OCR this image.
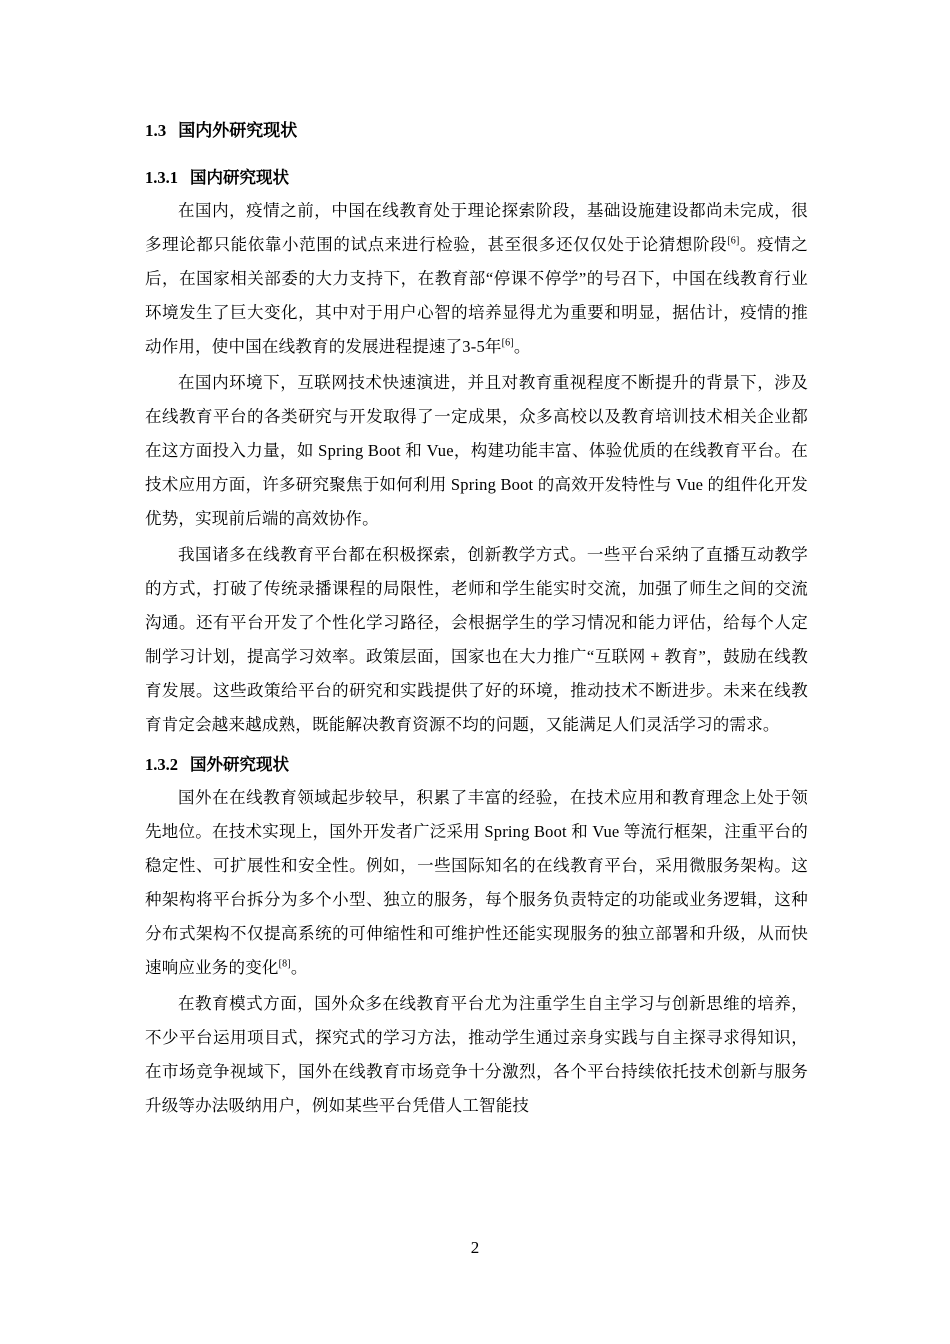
1.3 国内外研究现状
1.3.1 国内研究现状

在国内，疫情之前，中国在线教育处于理论探索阶段，基础设施建设都尚未完成，很多理论都只能依靠小范围的试点来进行检验，甚至很多还仅仅处于论猜想阶段[6]。疫情之后，在国家相关部委的大力支持下，在教育部“停课不停学”的号召下，中国在线教育行业环境发生了巨大变化，其中对于用户心智的培养显得尤为重要和明显，据估计，疫情的推动作用，使中国在线教育的发展进程提速了3-5年[6]。

在国内环境下，互联网技术快速演进，并且对教育重视程度不断提升的背景下，涉及在线教育平台的各类研究与开发取得了一定成果，众多高校以及教育培训技术相关企业都在这方面投入力量，如 Spring Boot 和 Vue，构建功能丰富、体验优质的在线教育平台。在技术应用方面，许多研究聚焦于如何利用 Spring Boot 的高效开发特性与 Vue 的组件化开发优势，实现前后端的高效协作。

我国诸多在线教育平台都在积极探索，创新教学方式。一些平台采纳了直播互动教学的方式，打破了传统录播课程的局限性，老师和学生能实时交流，加强了师生之间的交流沟通。还有平台开发了个性化学习路径，会根据学生的学习情况和能力评估，给每个人定制学习计划，提高学习效率。政策层面，国家也在大力推广“互联网 + 教育”，鼓励在线教育发展。这些政策给平台的研究和实践提供了好的环境，推动技术不断进步。未来在线教育肯定会越来越成熟，既能解决教育资源不均的问题，又能满足人们灵活学习的需求。

1.3.2 国外研究现状

国外在在线教育领域起步较早，积累了丰富的经验，在技术应用和教育理念上处于领先地位。在技术实现上，国外开发者广泛采用 Spring Boot 和 Vue 等流行框架，注重平台的稳定性、可扩展性和安全性。例如，一些国际知名的在线教育平台，采用微服务架构。这种架构将平台拆分为多个小型、独立的服务，每个服务负责特定的功能或业务逻辑，这种分布式架构不仅提高系统的可伸缩性和可维护性还能实现服务的独立部署和升级，从而快速响应业务的变化[8]。

在教育模式方面，国外众多在线教育平台尤为注重学生自主学习与创新思维的培养，不少平台运用项目式，探究式的学习方法，推动学生通过亲身实践与自主探寻求得知识，在市场竞争视域下，国外在线教育市场竞争十分激烈，各个平台持续依托技术创新与服务升级等办法吸纳用户，例如某些平台凭借人工智能技

2
